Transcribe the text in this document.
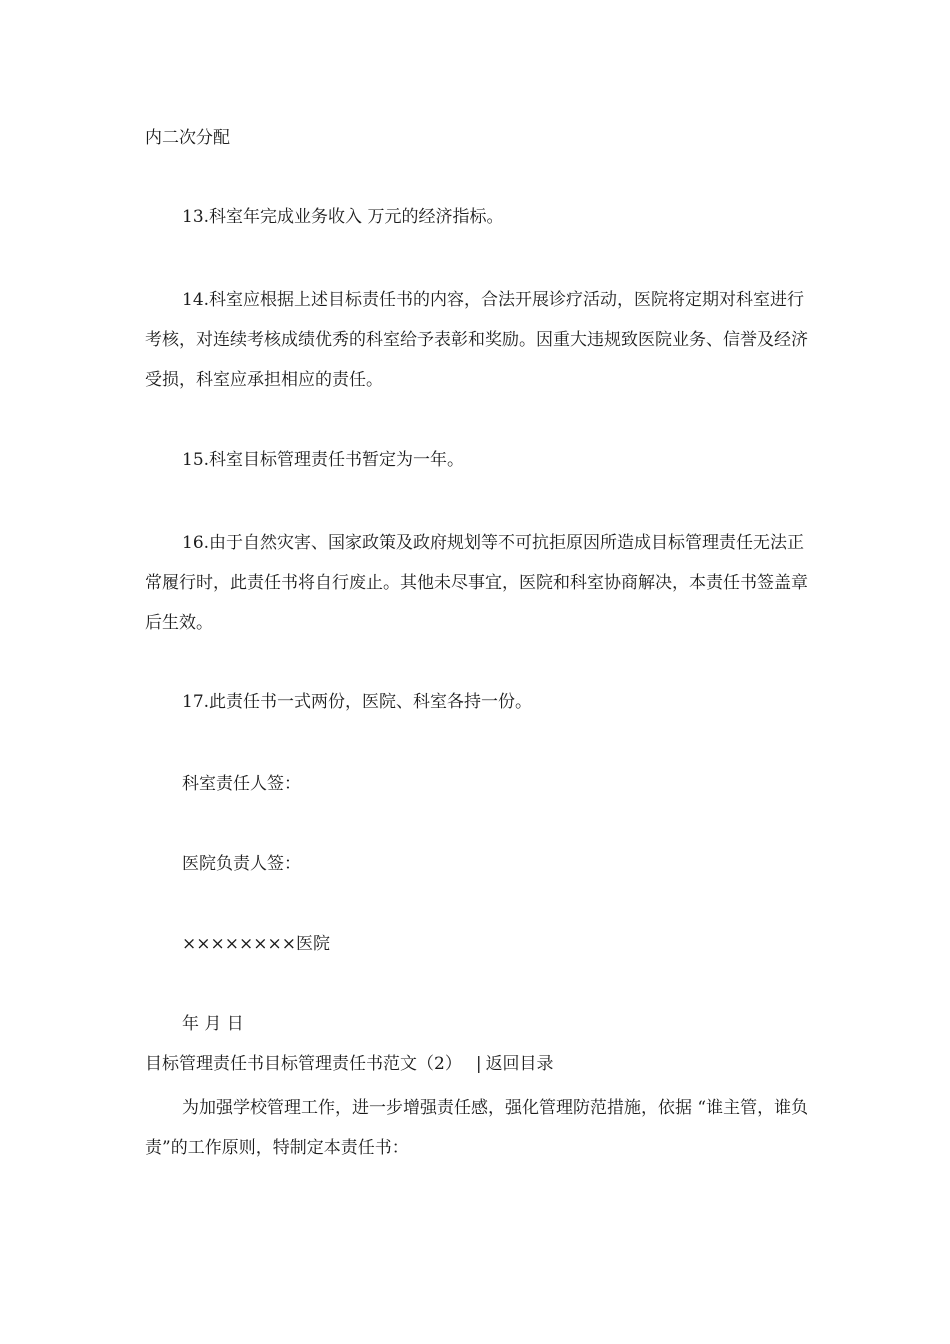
内二次分配
13.科室年完成业务收入 万元的经济指标。
14.科室应根据上述目标责任书的内容，合法开展诊疗活动，医院将定期对科室进行考核，对连续考核成绩优秀的科室给予表彰和奖励。因重大违规致医院业务、信誉及经济受损，科室应承担相应的责任。
15.科室目标管理责任书暂定为一年。
16.由于自然灾害、国家政策及政府规划等不可抗拒原因所造成目标管理责任无法正常履行时，此责任书将自行废止。其他未尽事宜，医院和科室协商解决，本责任书签盖章后生效。
17.此责任书一式两份，医院、科室各持一份。
科室责任人签：
医院负责人签：
××××××××医院
年 月 日
目标管理责任书目标管理责任书范文（2） | 返回目录
为加强学校管理工作，进一步增强责任感，强化管理防范措施，依据 “谁主管，谁负责”的工作原则，特制定本责任书：
